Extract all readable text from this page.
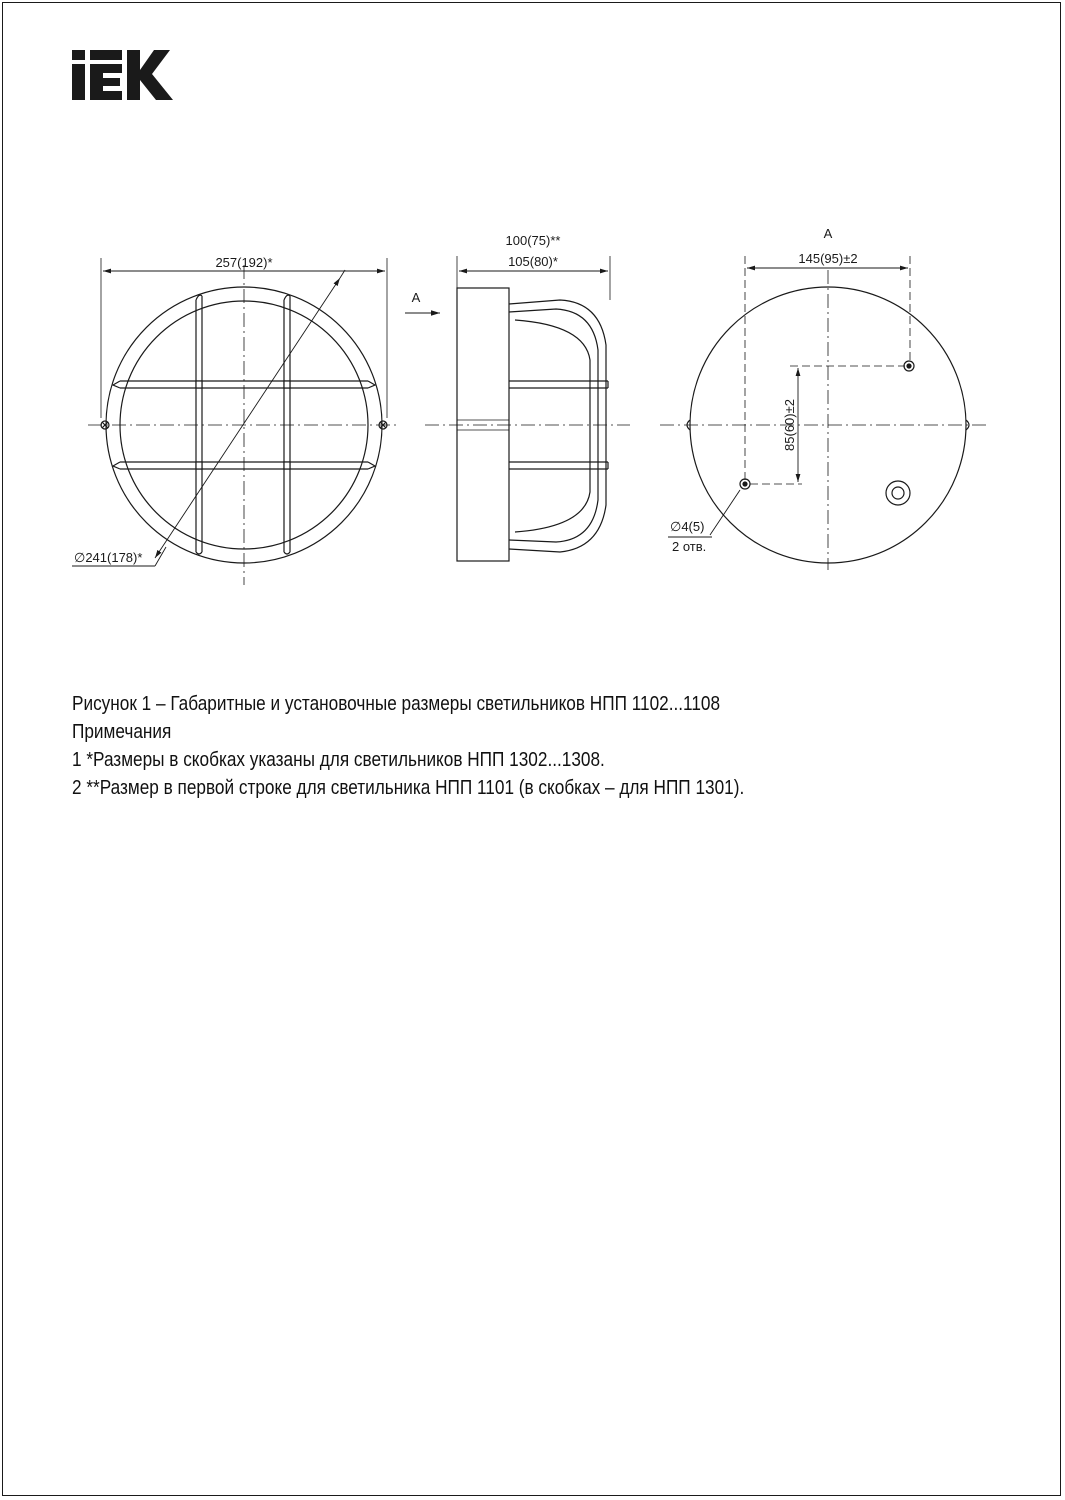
257(192)*
∅241(178)*
100(75)**
105(80)*
A
A
145(95)±2
85(60)±2
∅4(5)
2 отв.
Рисунок 1 – Габаритные и установочные размеры светильников НПП 1102...1108
Примечания
1 *Размеры в скобках указаны для светильников НПП 1302...1308.
2 **Размер в первой строке для светильника НПП 1101 (в скобках – для НПП 1301).
